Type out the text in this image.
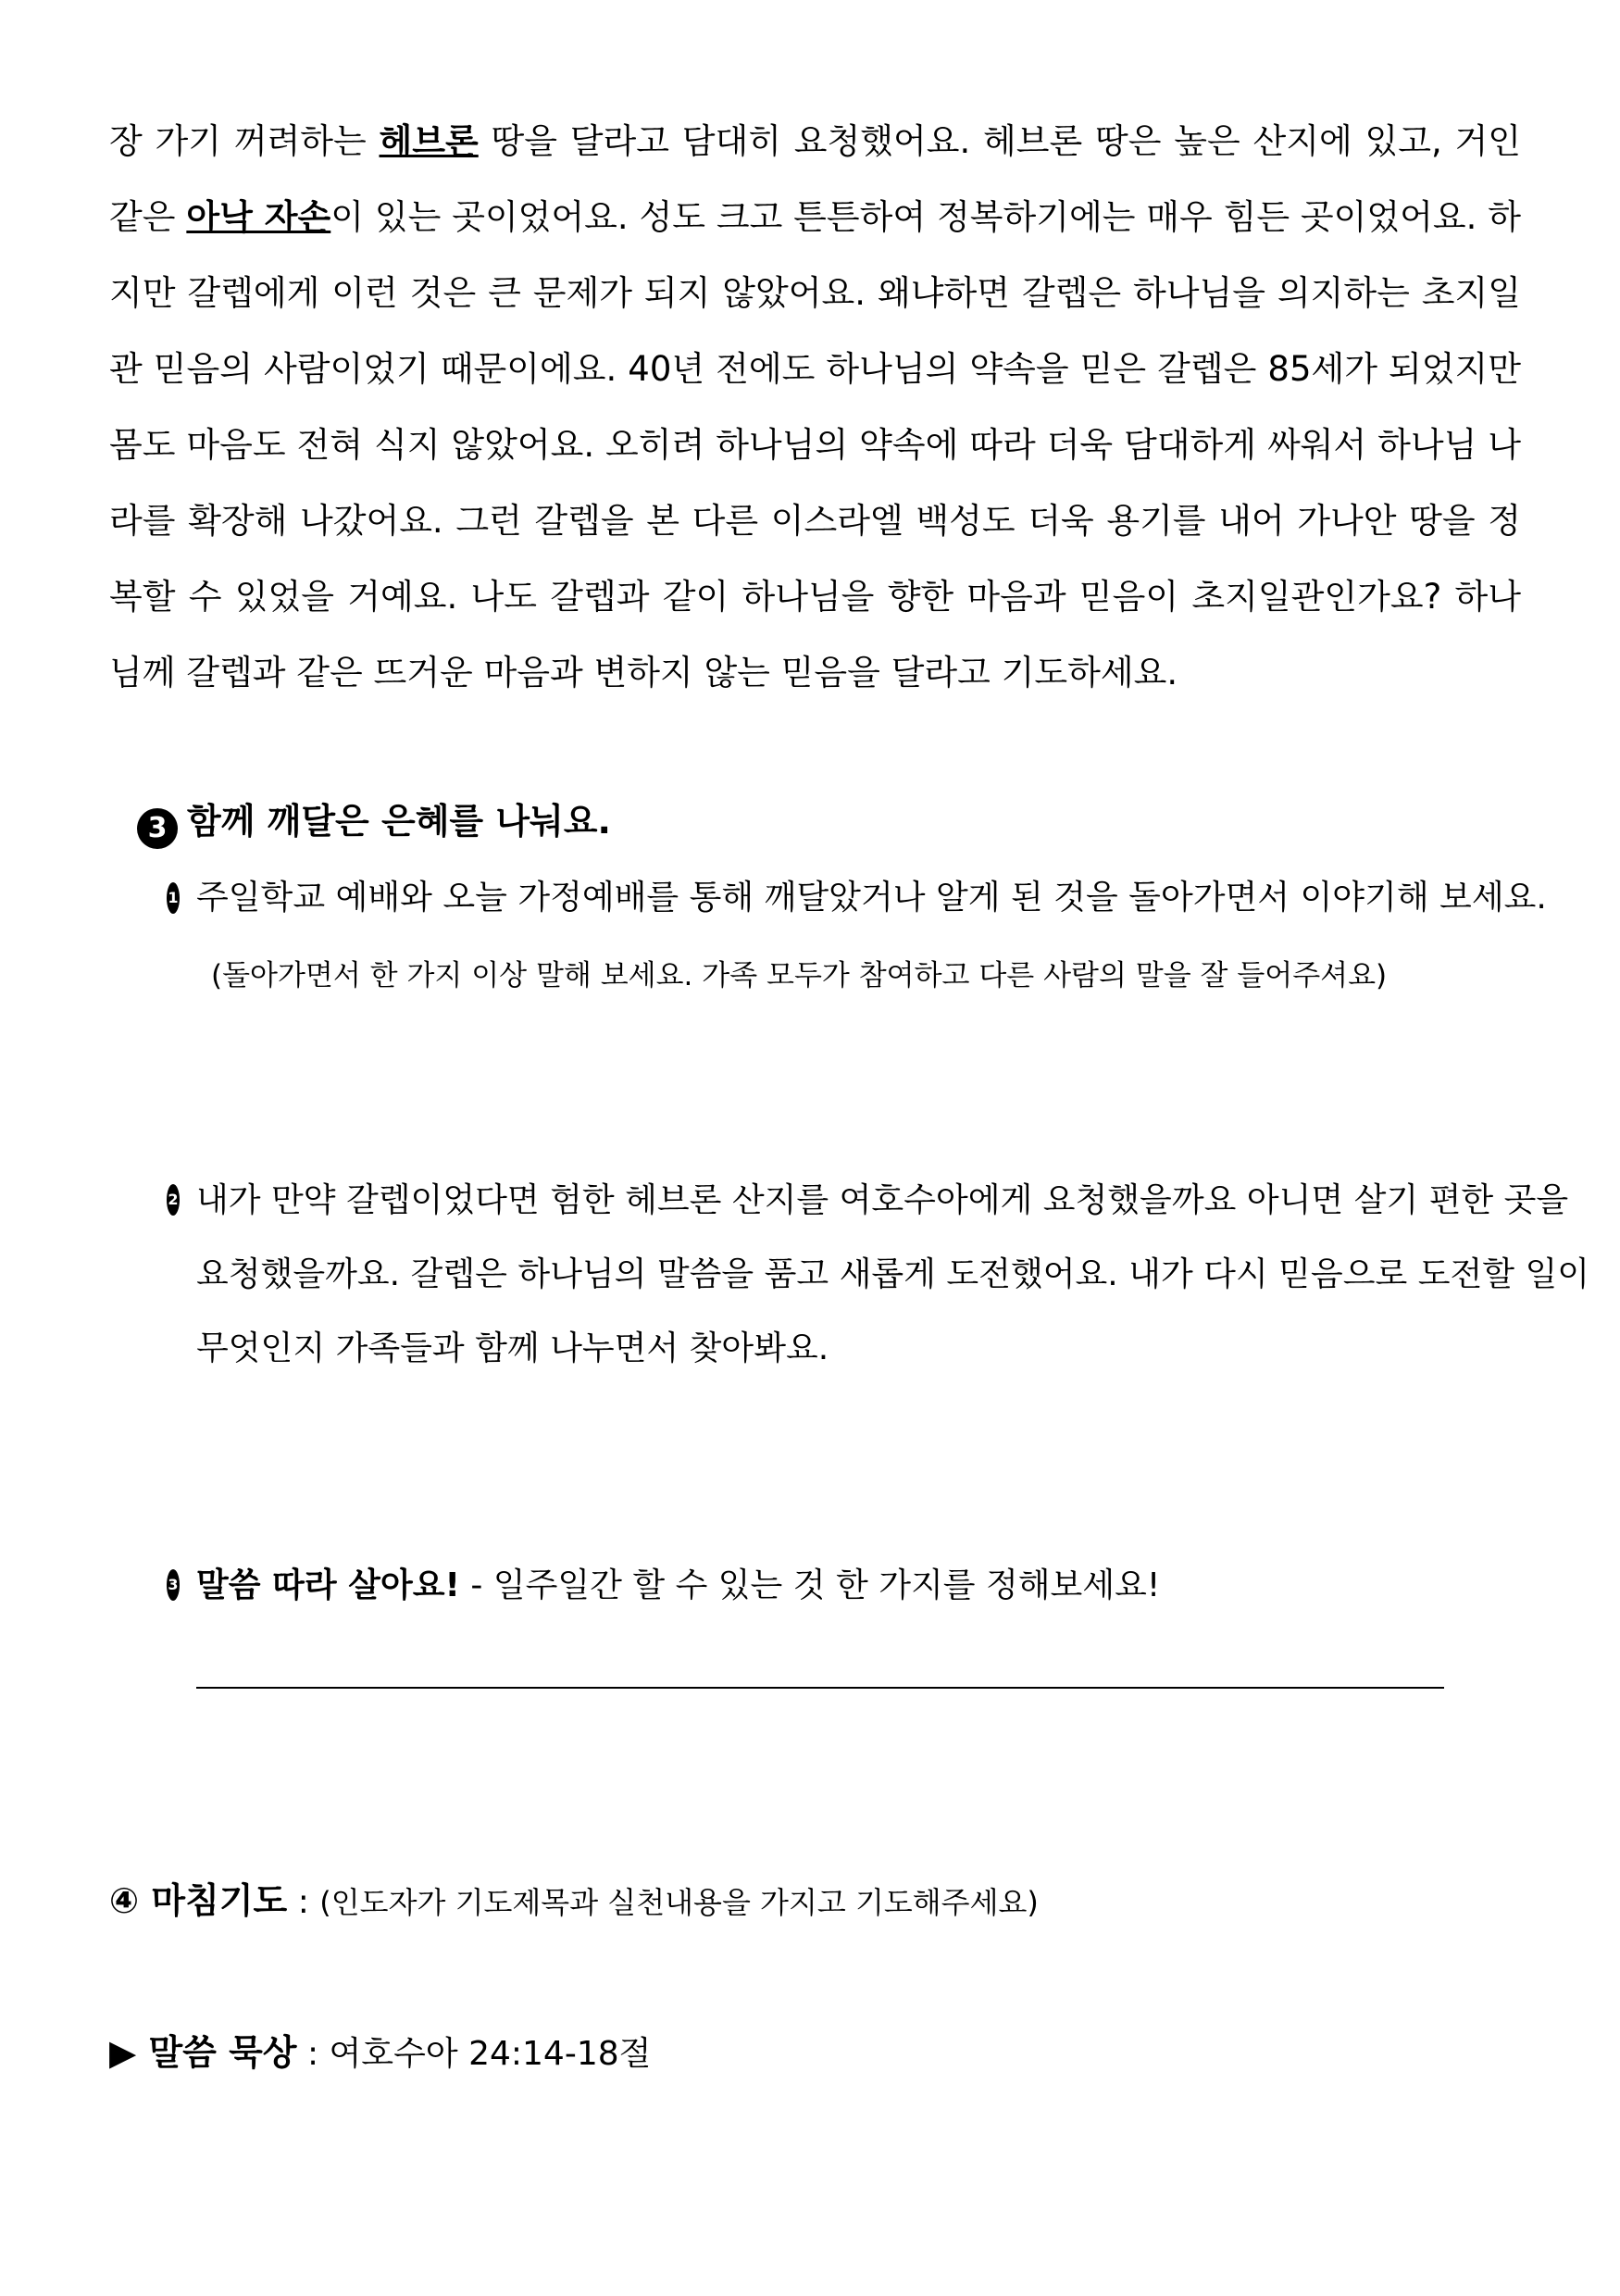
장 가기 꺼려하는 헤브론 땅을 달라고 담대히 요청했어요. 헤브론 땅은 높은 산지에 있고, 거인 같은 아낙 자손이 있는 곳이었어요. 성도 크고 튼튼하여 정복하기에는 매우 힘든 곳이었어요. 하지만 갈렙에게 이런 것은 큰 문제가 되지 않았어요. 왜냐하면 갈렙은 하나님을 의지하는 초지일관 믿음의 사람이었기 때문이에요. 40년 전에도 하나님의 약속을 믿은 갈렙은 85세가 되었지만 몸도 마음도 전혀 식지 않았어요. 오히려 하나님의 약속에 따라 더욱 담대하게 싸워서 하나님 나라를 확장해 나갔어요. 그런 갈렙을 본 다른 이스라엘 백성도 더욱 용기를 내어 가나안 땅을 정복할 수 있었을 거예요. 나도 갈렙과 같이 하나님을 향한 마음과 믿음이 초지일관인가요? 하나님께 갈렙과 같은 뜨거운 마음과 변하지 않는 믿음을 달라고 기도하세요.

3 함께 깨달은 은혜를 나눠요.
1 주일학교 예배와 오늘 가정예배를 통해 깨달았거나 알게 된 것을 돌아가면서 이야기해 보세요.

(돌아가면서 한 가지 이상 말해 보세요. 가족 모두가 참여하고 다른 사람의 말을 잘 들어주셔요)
2 내가 만약 갈렙이었다면 험한 헤브론 산지를 여호수아에게 요청했을까요 아니면 살기 편한 곳을

요청했을까요. 갈렙은 하나님의 말씀을 품고 새롭게 도전했어요. 내가 다시 믿음으로 도전할 일이

무엇인지 가족들과 함께 나누면서 찾아봐요.

3 말씀 따라 살아요! - 일주일간 할 수 있는 것 한 가지를 정해보세요!

④ 마침기도 : (인도자가 기도제목과 실천내용을 가지고 기도해주세요)
▶ 말씀 묵상 : 여호수아 24:14-18절
